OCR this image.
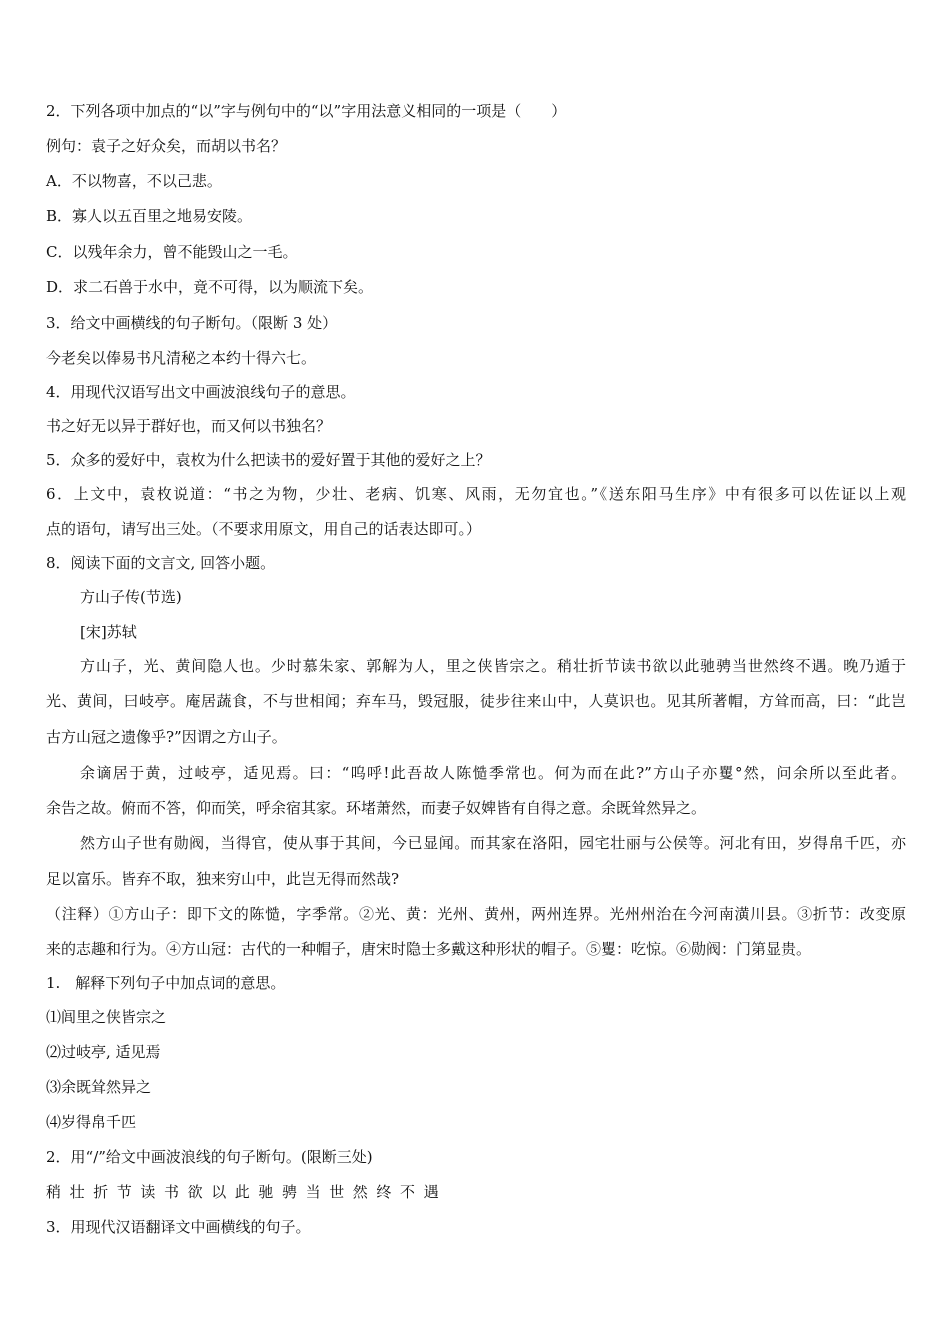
2．下列各项中加点的“以”字与例句中的“以”字用法意义相同的一项是（　　）
例句：袁子之好众矣，而胡以书名？
A．不以物喜，不以己悲。
B．寡人以五百里之地易安陵。
C．以残年余力，曾不能毁山之一毛。
D．求二石兽于水中，竟不可得，以为顺流下矣。
3．给文中画横线的句子断句。（限断 3 处）
今老矣以俸易书凡清秘之本约十得六七。
4．用现代汉语写出文中画波浪线句子的意思。
书之好无以异于群好也，而又何以书独名？
5．众多的爱好中，袁枚为什么把读书的爱好置于其他的爱好之上？
6．上文中，袁枚说道：“书之为物，少壮、老病、饥寒、风雨，无勿宜也。”《送东阳马生序》中有很多可以佐证以上观
点的语句，请写出三处。（不要求用原文，用自己的话表达即可。）
8．阅读下面的文言文, 回答小题。
方山子传(节选)
[宋]苏轼
方山子，光、黄间隐人也。少时慕朱家、郭解为人，里之侠皆宗之。稍壮折节读书欲以此驰骋当世然终不遇。晚乃遁于
光、黄间，曰岐亭。庵居蔬食，不与世相闻；弃车马，毁冠服，徒步往来山中，人莫识也。见其所著帽，方耸而高，曰：“此岂
古方山冠之遗像乎?”因谓之方山子。
余谪居于黄，过岐亭，适见焉。曰：“呜呼!此吾故人陈慥季常也。何为而在此?”方山子亦矍°然，问余所以至此者。
余告之故。俯而不答，仰而笑，呼余宿其家。环堵萧然，而妻子奴婢皆有自得之意。余既耸然异之。
然方山子世有勋阀，当得官，使从事于其间，今已显闻。而其家在洛阳，园宅壮丽与公侯等。河北有田，岁得帛千匹，亦
足以富乐。皆弃不取，独来穷山中，此岂无得而然哉?
（注释）①方山子：即下文的陈慥，字季常。②光、黄：光州、黄州，两州连界。光州州治在今河南潢川县。③折节：改变原
来的志趣和行为。④方山冠：古代的一种帽子，唐宋时隐士多戴这种形状的帽子。⑤矍：吃惊。⑥勋阀：门第显贵。
1.　解释下列句子中加点词的意思。
⑴闾里之侠皆宗之
⑵过岐亭, 适见焉
⑶余既耸然异之
⑷岁得帛千匹
2．用“/”给文中画波浪线的句子断句。(限断三处)
稍壮折节读书欲以此驰骋当世然终不遇
3．用现代汉语翻译文中画横线的句子。
